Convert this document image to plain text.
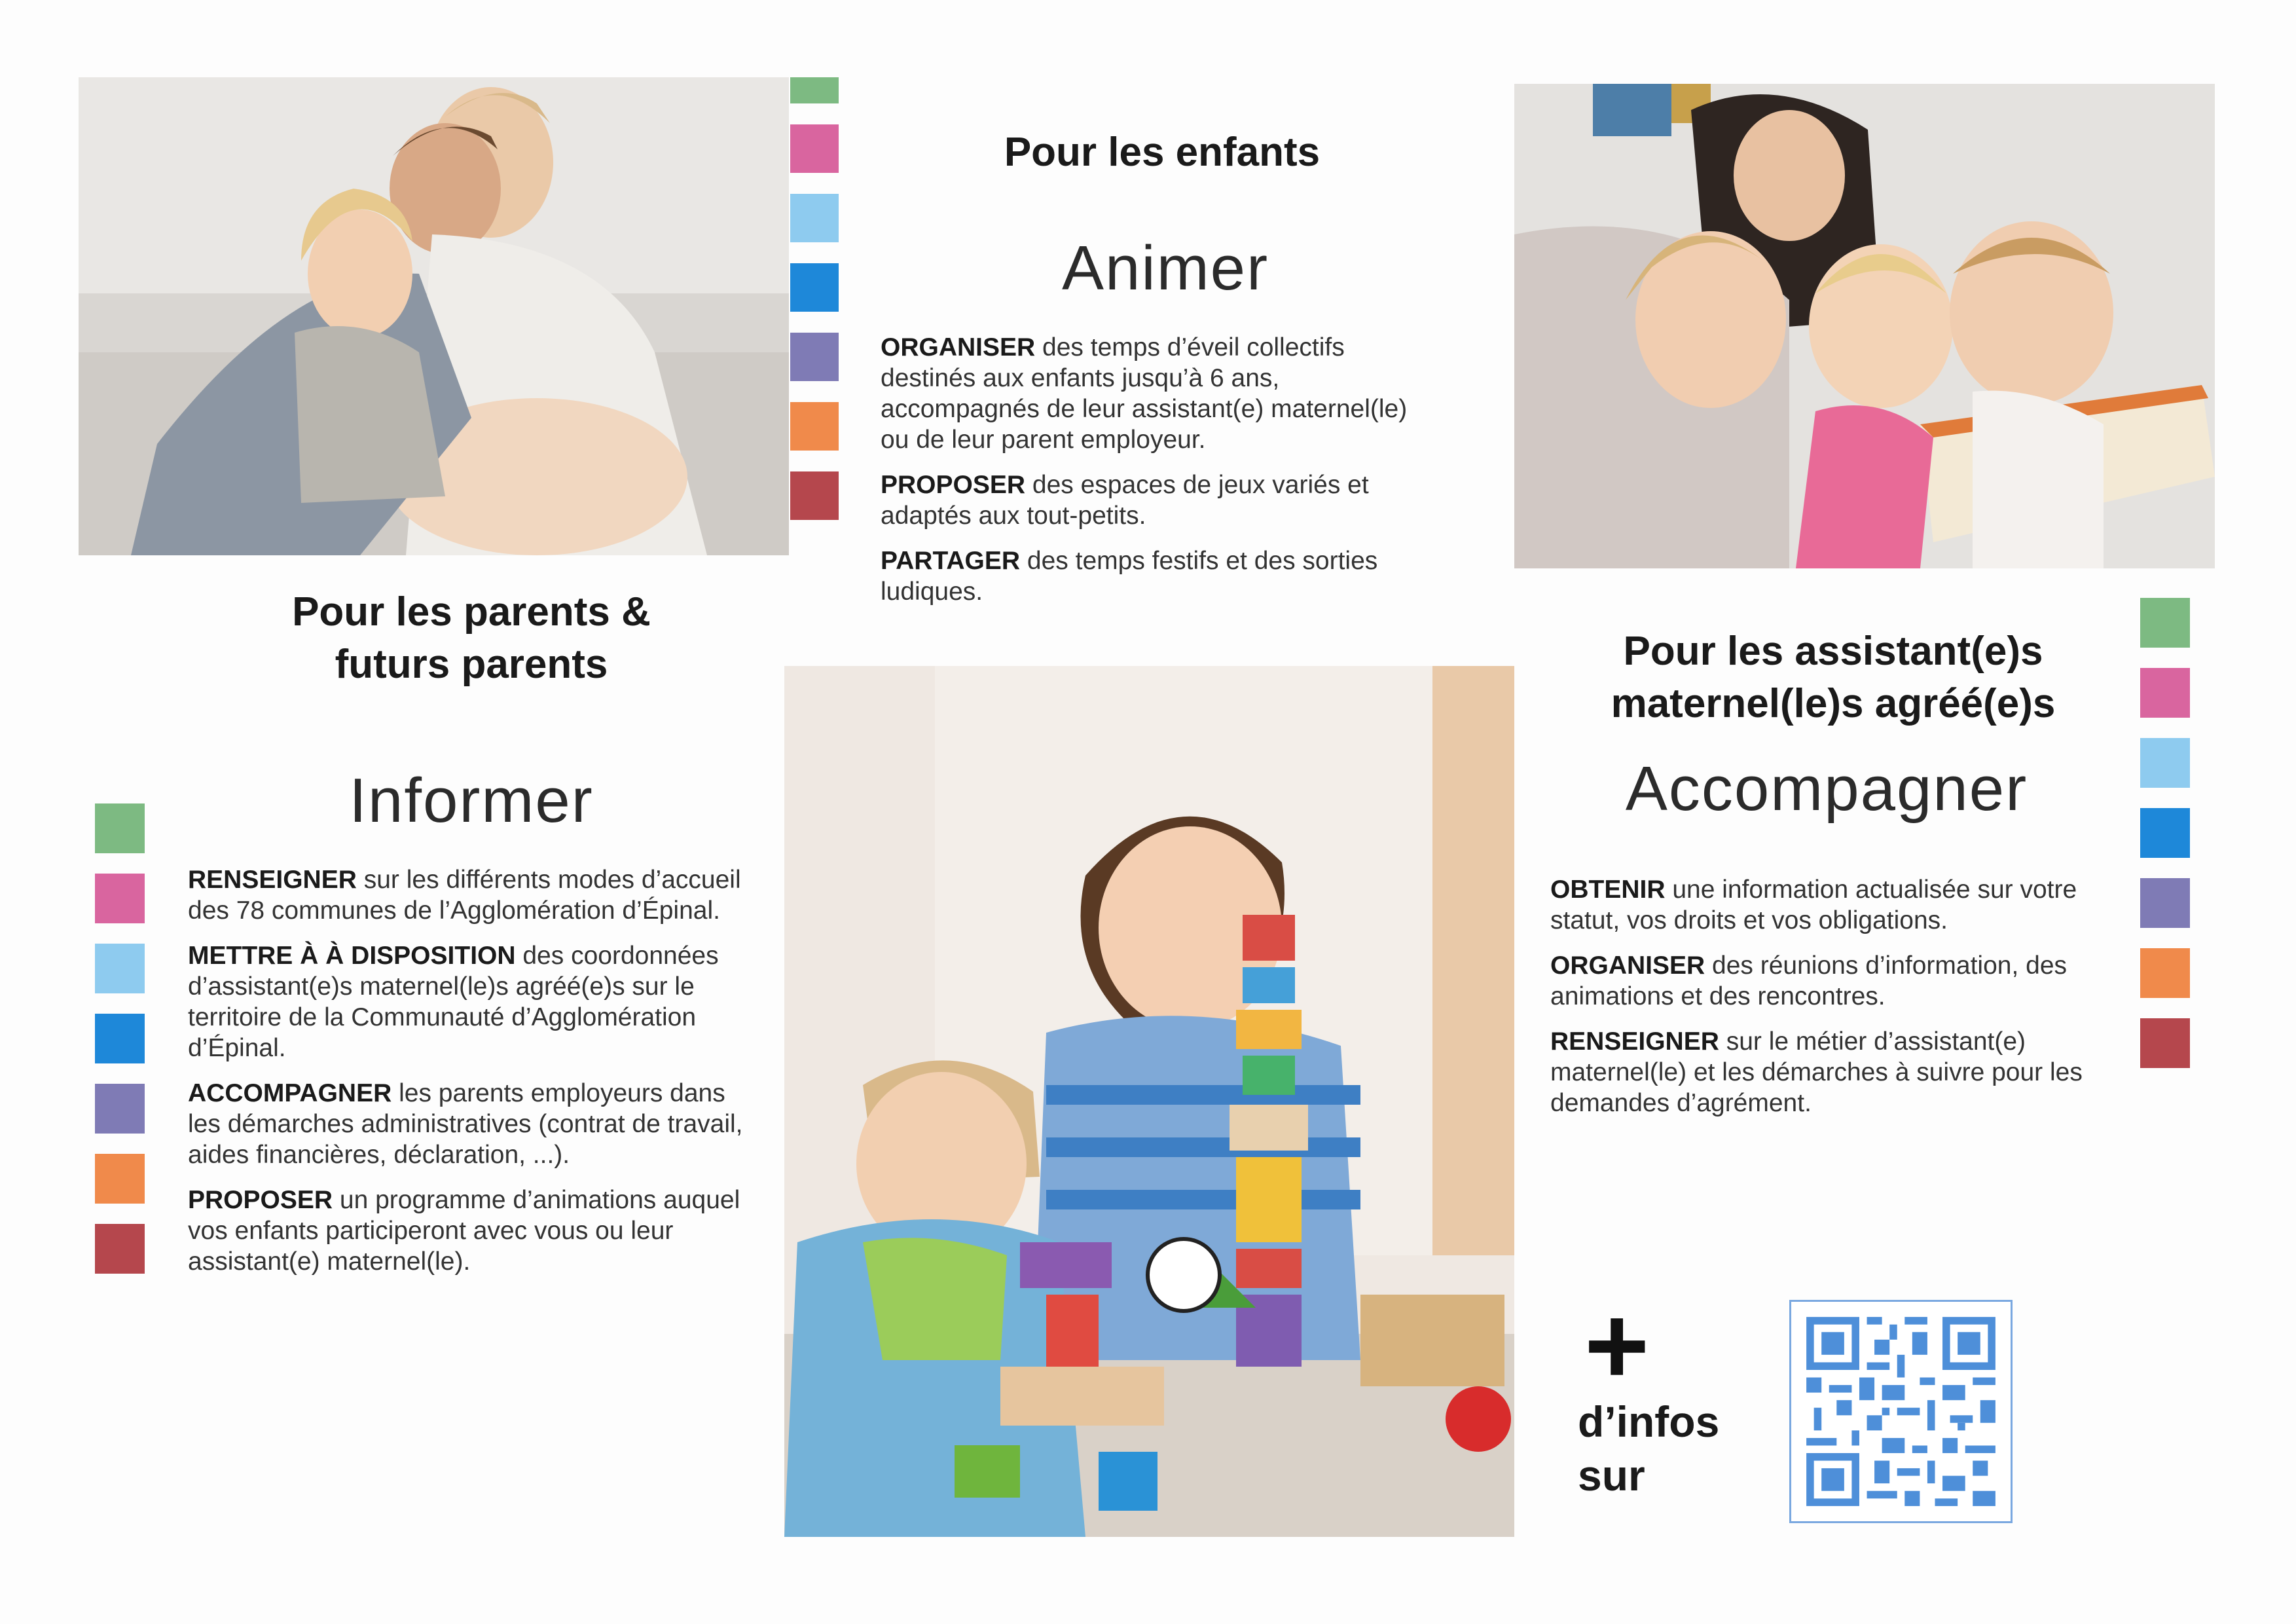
Pour les enfants
Animer
ORGANISER des temps d’éveil collectifs destinés aux enfants jusqu’à 6 ans, accompagnés de leur assistant(e) maternel(le) ou de leur parent employeur.
PROPOSER des espaces de jeux variés et adaptés aux tout-petits.
PARTAGER des temps festifs et des sorties ludiques.
Pour les parents &
futurs parents
Informer
RENSEIGNER sur les différents modes d’accueil des 78 communes de l’Agglomération d’Épinal.
METTRE À À DISPOSITION des coordonnées d’assistant(e)s maternel(le)s agréé(e)s sur le territoire de la Communauté d’Agglomération d’Épinal.
ACCOMPAGNER les parents employeurs dans les démarches administratives (contrat de travail, aides financières, déclaration, ...).
PROPOSER un programme d’animations auquel vos enfants participeront avec vous ou leur assistant(e) maternel(le).
Pour les assistant(e)s
maternel(le)s agréé(e)s
Accompagner
OBTENIR une information actualisée sur votre statut, vos droits et vos obligations.
ORGANISER des réunions d’information, des animations et des rencontres.
RENSEIGNER sur le métier d’assistant(e) maternel(le) et les démarches à suivre pour les demandes d’agrément.
+
d’infos
sur
